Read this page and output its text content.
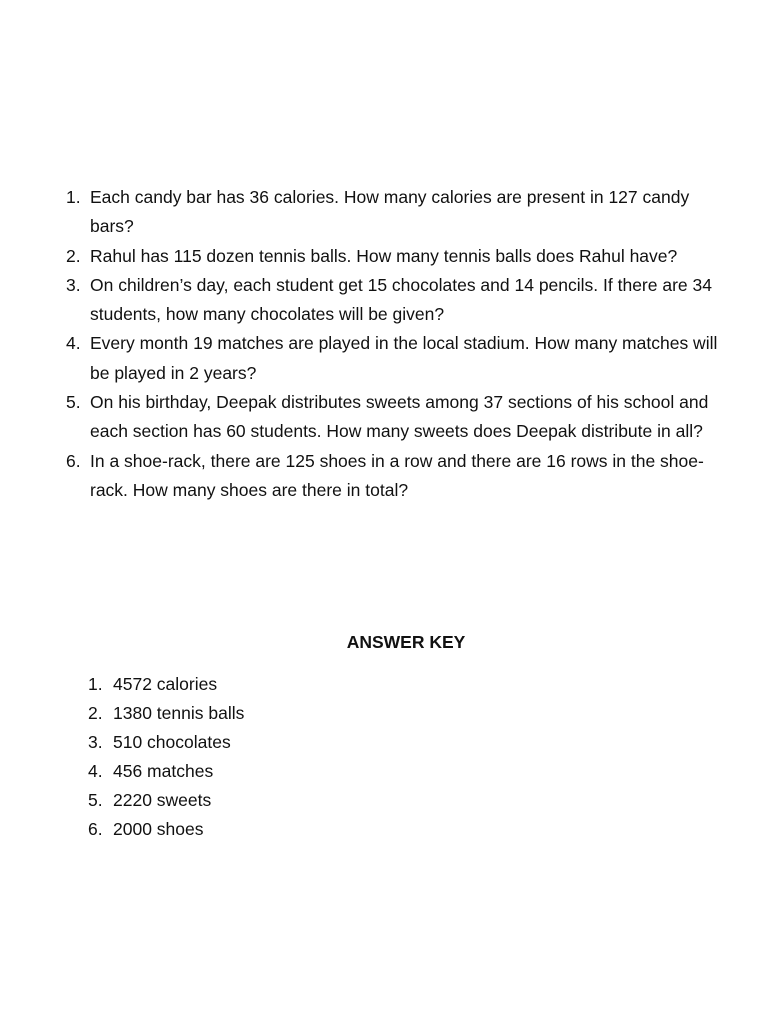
1. Each candy bar has 36 calories. How many calories are present in 127 candy bars?
2. Rahul has 115 dozen tennis balls. How many tennis balls does Rahul have?
3. On children’s day, each student get 15 chocolates and 14 pencils. If there are 34 students, how many chocolates will be given?
4. Every month 19 matches are played in the local stadium. How many matches will be played in 2 years?
5. On his birthday, Deepak distributes sweets among 37 sections of his school and each section has 60 students. How many sweets does Deepak distribute in all?
6. In a shoe-rack, there are 125 shoes in a row and there are 16 rows in the shoe-rack. How many shoes are there in total?
ANSWER KEY
1. 4572 calories
2. 1380 tennis balls
3. 510 chocolates
4. 456 matches
5. 2220 sweets
6. 2000 shoes
